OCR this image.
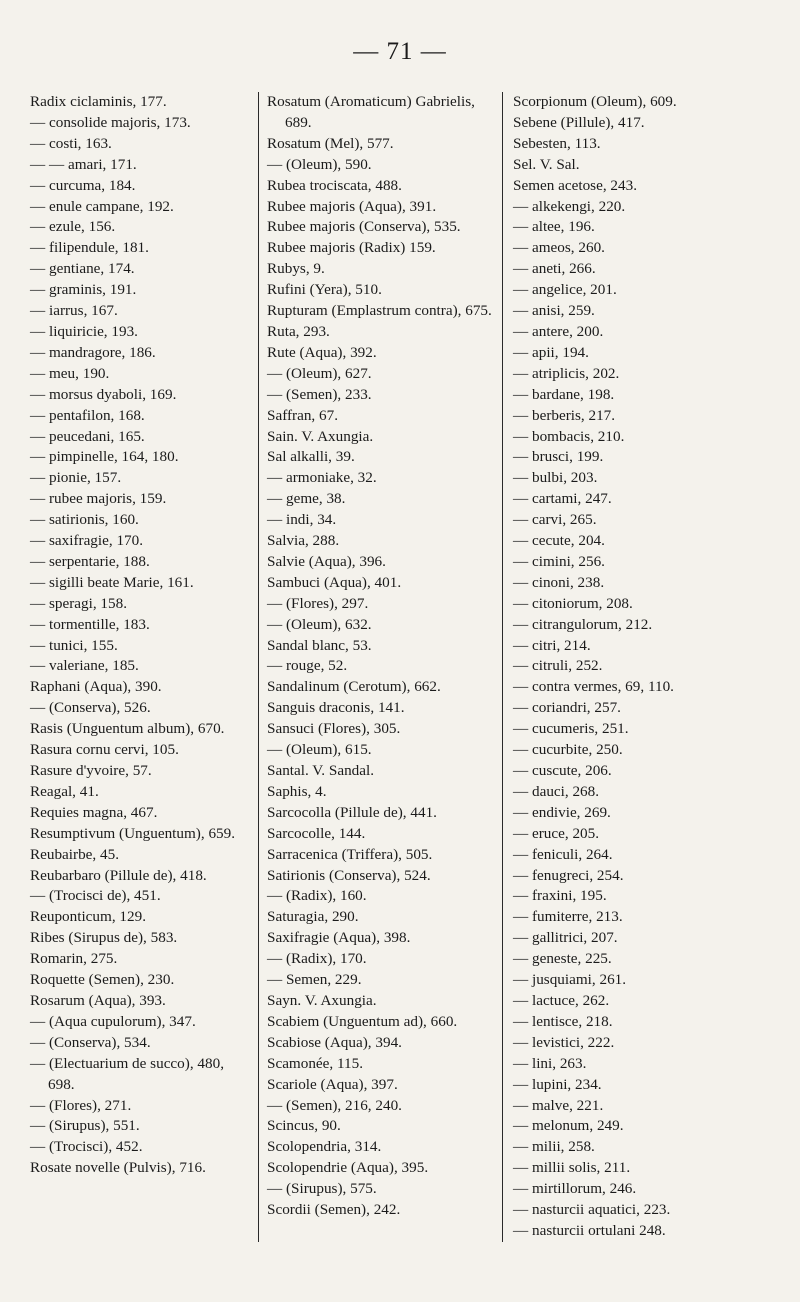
— 71 —
Radix ciclaminis, 177.
— consolide majoris, 173.
— costi, 163.
— — amari, 171.
— curcuma, 184.
— enule campane, 192.
— ezule, 156.
— filipendule, 181.
— gentiane, 174.
— graminis, 191.
— iarrus, 167.
— liquiricie, 193.
— mandragore, 186.
— meu, 190.
— morsus dyaboli, 169.
— pentafilon, 168.
— peucedani, 165.
— pimpinelle, 164, 180.
— pionie, 157.
— rubee majoris, 159.
— satirionis, 160.
— saxifragie, 170.
— serpentarie, 188.
— sigilli beate Marie, 161.
— speragi, 158.
— tormentille, 183.
— tunici, 155.
— valeriane, 185.
Raphani (Aqua), 390.
— (Conserva), 526.
Rasis (Unguentum album), 670.
Rasura cornu cervi, 105.
Rasure d'yvoire, 57.
Reagal, 41.
Requies magna, 467.
Resumptivum (Unguentum), 659.
Reubairbe, 45.
Reubarbaro (Pillule de), 418.
— (Trocisci de), 451.
Reuponticum, 129.
Ribes (Sirupus de), 583.
Romarin, 275.
Roquette (Semen), 230.
Rosarum (Aqua), 393.
— (Aqua cupulorum), 347.
— (Conserva), 534.
— (Electuarium de succo), 480, 698.
— (Flores), 271.
— (Sirupus), 551.
— (Trocisci), 452.
Rosate novelle (Pulvis), 716.
Rosatum (Aromaticum) Gabrielis, 689.
Rosatum (Mel), 577.
— (Oleum), 590.
Rubea trociscata, 488.
Rubee majoris (Aqua), 391.
Rubee majoris (Conserva), 535.
Rubee majoris (Radix) 159.
Rubys, 9.
Rufini (Yera), 510.
Rupturam (Emplastrum contra), 675.
Ruta, 293.
Rute (Aqua), 392.
— (Oleum), 627.
— (Semen), 233.
Saffran, 67.
Sain. V. Axungia.
Sal alkalli, 39.
— armoniake, 32.
— geme, 38.
— indi, 34.
Salvia, 288.
Salvie (Aqua), 396.
Sambuci (Aqua), 401.
— (Flores), 297.
— (Oleum), 632.
Sandal blanc, 53.
— rouge, 52.
Sandalinum (Cerotum), 662.
Sanguis draconis, 141.
Sansuci (Flores), 305.
— (Oleum), 615.
Santal. V. Sandal.
Saphis, 4.
Sarcocolla (Pillule de), 441.
Sarcocolle, 144.
Sarracenica (Triffera), 505.
Satirionis (Conserva), 524.
— (Radix), 160.
Saturagia, 290.
Saxifragie (Aqua), 398.
— (Radix), 170.
— Semen, 229.
Sayn. V. Axungia.
Scabiem (Unguentum ad), 660.
Scabiose (Aqua), 394.
Scamonée, 115.
Scariole (Aqua), 397.
— (Semen), 216, 240.
Scincus, 90.
Scolopendria, 314.
Scolopendrie (Aqua), 395.
— (Sirupus), 575.
Scordii (Semen), 242.
Scorpionum (Oleum), 609.
Sebene (Pillule), 417.
Sebesten, 113.
Sel. V. Sal.
Semen acetose, 243.
— alkekengi, 220.
— altee, 196.
— ameos, 260.
— aneti, 266.
— angelice, 201.
— anisi, 259.
— antere, 200.
— apii, 194.
— atriplicis, 202.
— bardane, 198.
— berberis, 217.
— bombacis, 210.
— brusci, 199.
— bulbi, 203.
— cartami, 247.
— carvi, 265.
— cecute, 204.
— cimini, 256.
— cinoni, 238.
— citoniorum, 208.
— citrangulorum, 212.
— citri, 214.
— citruli, 252.
— contra vermes, 69, 110.
— coriandri, 257.
— cucumeris, 251.
— cucurbite, 250.
— cuscute, 206.
— dauci, 268.
— endivie, 269.
— eruce, 205.
— feniculi, 264.
— fenugreci, 254.
— fraxini, 195.
— fumiterre, 213.
— gallitrici, 207.
— geneste, 225.
— jusquiami, 261.
— lactuce, 262.
— lentisce, 218.
— levistici, 222.
— lini, 263.
— lupini, 234.
— malve, 221.
— melonum, 249.
— milii, 258.
— millii solis, 211.
— mirtillorum, 246.
— nasturcii aquatici, 223.
— nasturcii ortulani 248.
